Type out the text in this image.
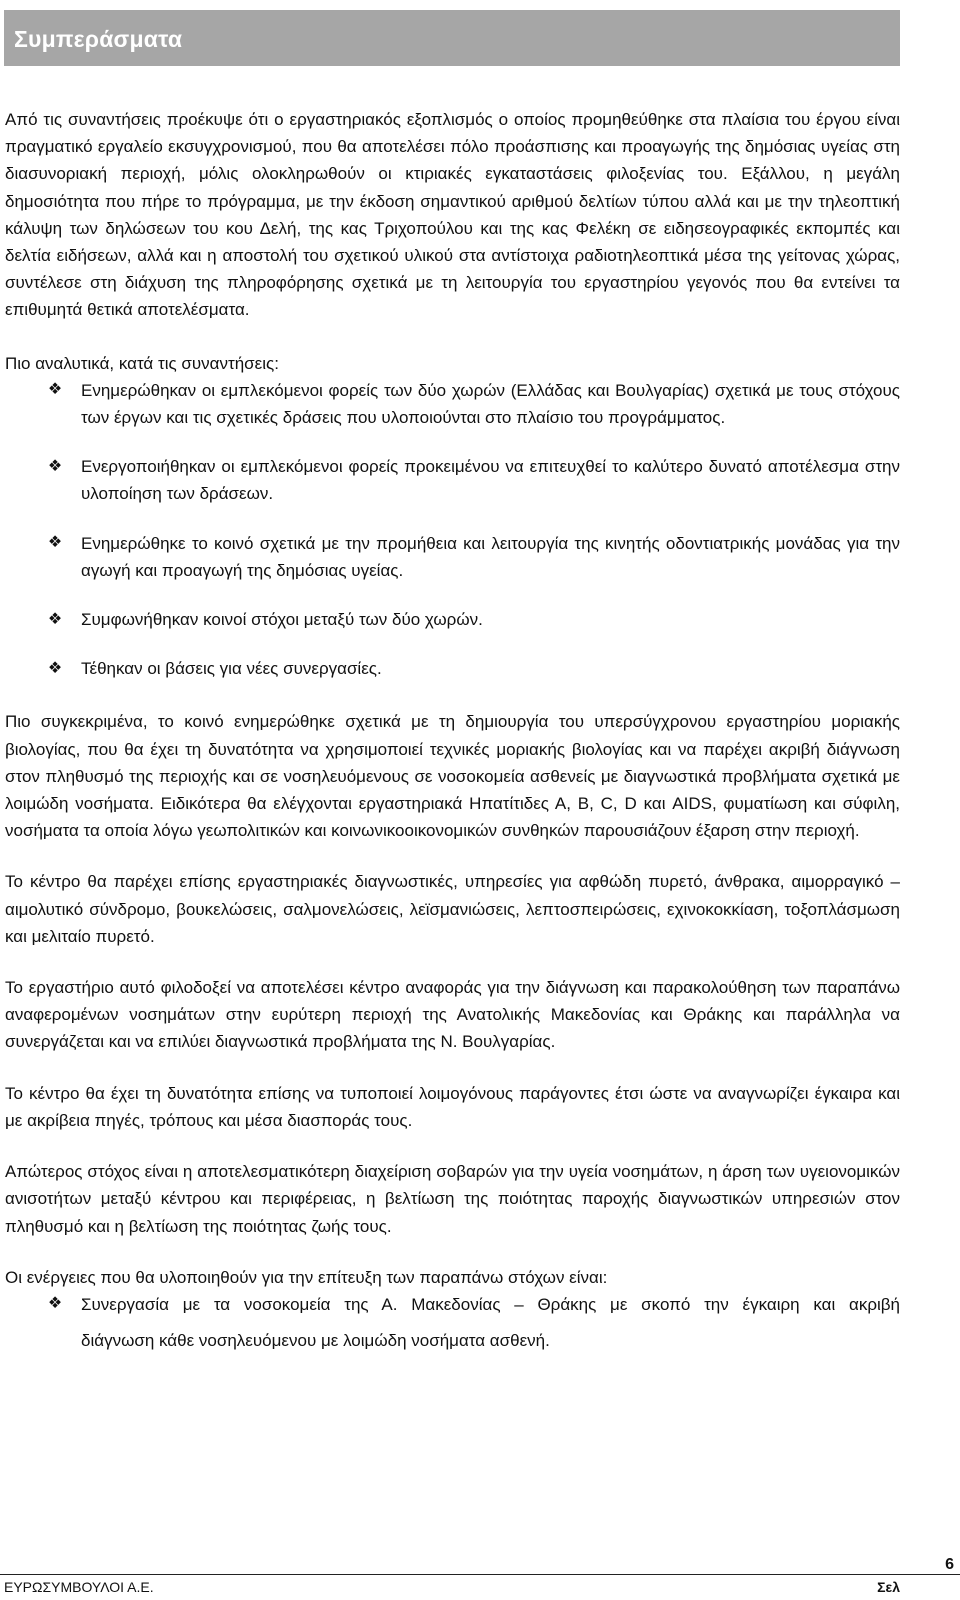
Συμπεράσματα

Από τις συναντήσεις προέκυψε ότι ο εργαστηριακός εξοπλισμός ο οποίος προμηθεύθηκε στα πλαίσια του έργου είναι πραγματικό εργαλείο εκσυγχρονισμού, που θα αποτελέσει πόλο προάσπισης και προαγωγής της δημόσιας υγείας στη διασυνοριακή περιοχή, μόλις ολοκληρωθούν οι κτιριακές εγκαταστάσεις φιλοξενίας του. Εξάλλου, η μεγάλη δημοσιότητα που πήρε το πρόγραμμα, με την έκδοση σημαντικού αριθμού δελτίων τύπου αλλά και με την τηλεοπτική κάλυψη των δηλώσεων του κου Δελή, της κας Τριχοπούλου και της κας Φελέκη σε ειδησεογραφικές εκπομπές και δελτία ειδήσεων, αλλά και η αποστολή του σχετικού υλικού στα αντίστοιχα ραδιοτηλεοπτικά μέσα της γείτονας χώρας, συντέλεσε στη διάχυση της πληροφόρησης σχετικά με τη λειτουργία του εργαστηρίου γεγονός που θα εντείνει τα επιθυμητά θετικά αποτελέσματα.

Πιο αναλυτικά, κατά τις συναντήσεις:

❖	Ενημερώθηκαν οι εμπλεκόμενοι φορείς των δύο χωρών (Ελλάδας και Βουλγαρίας) σχετικά με τους στόχους των έργων και τις σχετικές δράσεις που υλοποιούνται στο πλαίσιο του προγράμματος.
❖	Ενεργοποιήθηκαν οι εμπλεκόμενοι φορείς προκειμένου να επιτευχθεί το καλύτερο δυνατό αποτέλεσμα στην υλοποίηση των δράσεων.
❖	Ενημερώθηκε το κοινό σχετικά με την προμήθεια και λειτουργία της κινητής οδοντιατρικής μονάδας για την αγωγή και προαγωγή της δημόσιας υγείας.
❖	Συμφωνήθηκαν κοινοί στόχοι μεταξύ των δύο χωρών.
❖	Τέθηκαν οι βάσεις για νέες συνεργασίες.

Πιο συγκεκριμένα, το κοινό ενημερώθηκε σχετικά με τη δημιουργία του υπερσύγχρονου εργαστηρίου μοριακής βιολογίας, που θα έχει τη δυνατότητα να χρησιμοποιεί τεχνικές μοριακής βιολογίας και να παρέχει ακριβή διάγνωση στον πληθυσμό της περιοχής και σε νοσηλευόμενους σε νοσοκομεία ασθενείς με διαγνωστικά προβλήματα σχετικά με λοιμώδη νοσήματα. Ειδικότερα θα ελέγχονται εργαστηριακά Ηπατίτιδες Α, Β, C, D και AIDS, φυματίωση και σύφιλη, νοσήματα τα οποία λόγω γεωπολιτικών και κοινωνικοοικονομικών συνθηκών παρουσιάζουν έξαρση στην περιοχή.

Το κέντρο θα παρέχει επίσης εργαστηριακές διαγνωστικές, υπηρεσίες για αφθώδη πυρετό, άνθρακα, αιμορραγικό – αιμολυτικό σύνδρομο, βουκελώσεις, σαλμονελώσεις, λεϊσμανιώσεις, λεπτοσπειρώσεις, εχινοκοκκίαση, τοξοπλάσμωση και μελιταίο πυρετό.

Το εργαστήριο αυτό φιλοδοξεί να αποτελέσει κέντρο αναφοράς για την διάγνωση και παρακολούθηση των παραπάνω αναφερομένων νοσημάτων στην ευρύτερη περιοχή της Ανατολικής Μακεδονίας και Θράκης και παράλληλα να συνεργάζεται και να επιλύει διαγνωστικά προβλήματα της Ν. Βουλγαρίας.

Το κέντρο θα έχει τη δυνατότητα επίσης να τυποποιεί λοιμογόνους παράγοντες έτσι ώστε να αναγνωρίζει έγκαιρα και με ακρίβεια πηγές, τρόπους και μέσα διασποράς τους.

Απώτερος στόχος είναι η αποτελεσματικότερη διαχείριση σοβαρών για την υγεία νοσημάτων, η άρση των υγειονομικών ανισοτήτων μεταξύ κέντρου και περιφέρειας, η βελτίωση της ποιότητας παροχής διαγνωστικών υπηρεσιών στον πληθυσμό και η βελτίωση της ποιότητας ζωής τους.

Οι ενέργειες που θα υλοποιηθούν για την επίτευξη των παραπάνω στόχων είναι:

❖	Συνεργασία με τα νοσοκομεία της Α. Μακεδονίας – Θράκης με σκοπό την έγκαιρη και ακριβή
διάγνωση κάθε νοσηλευόμενου με λοιμώδη νοσήματα ασθενή.
ΕΥΡΩΣΥΜΒΟΥΛΟΙ Α.Ε.	Σελ
6
